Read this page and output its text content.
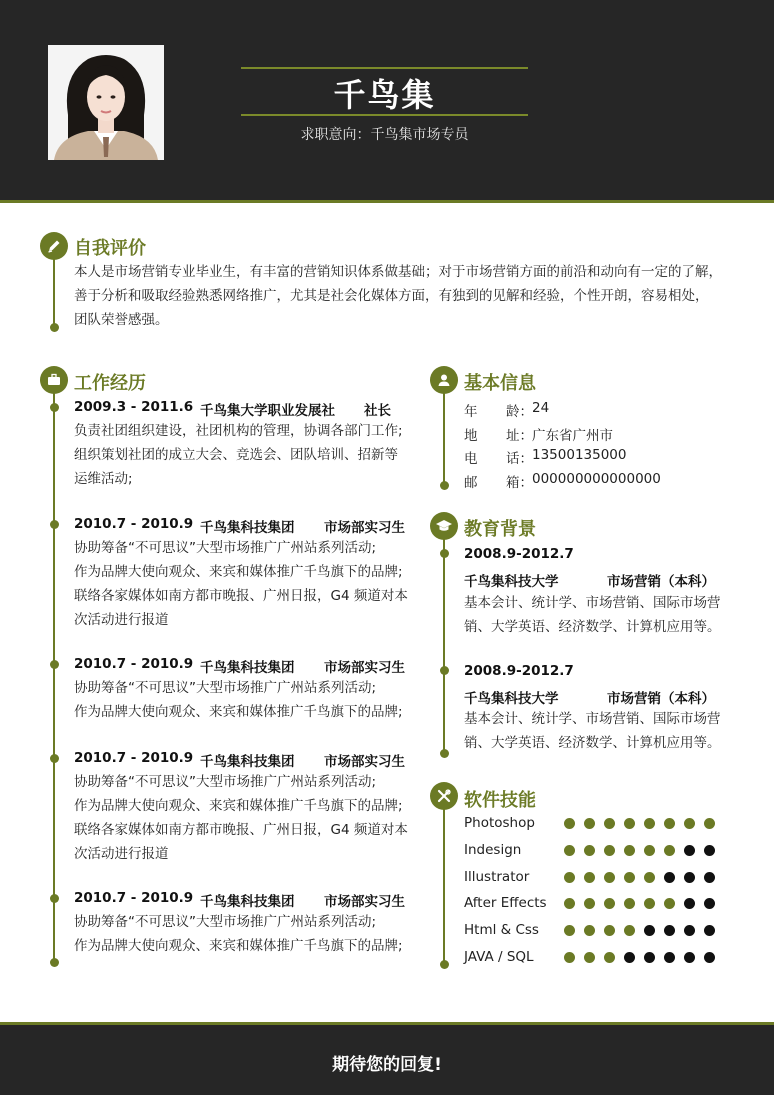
千鸟集
求职意向：千鸟集市场专员
自我评价
本人是市场营销专业毕业生，有丰富的营销知识体系做基础；对于市场营销方面的前沿和动向有一定的了解，
善于分析和吸取经验熟悉网络推广，尤其是社会化媒体方面，有独到的见解和经验，个性开朗，容易相处，
团队荣誉感强。
工作经历
2009.3 - 2011.6 千鸟集大学职业发展社 社长
负责社团组织建设，社团机构的管理，协调各部门工作;
组织策划社团的成立大会、竞选会、团队培训、招新等
运维活动;
2010.7 - 2010.9 千鸟集科技集团 市场部实习生
协助筹备“不可思议”大型市场推广广州站系列活动;
作为品牌大使向观众、来宾和媒体推广千鸟旗下的品牌;
联络各家媒体如南方都市晚报、广州日报，G4 频道对本
次活动进行报道
2010.7 - 2010.9 千鸟集科技集团 市场部实习生
协助筹备“不可思议”大型市场推广广州站系列活动;
作为品牌大使向观众、来宾和媒体推广千鸟旗下的品牌;
2010.7 - 2010.9 千鸟集科技集团 市场部实习生
协助筹备“不可思议”大型市场推广广州站系列活动;
作为品牌大使向观众、来宾和媒体推广千鸟旗下的品牌;
联络各家媒体如南方都市晚报、广州日报，G4 频道对本
次活动进行报道
2010.7 - 2010.9 千鸟集科技集团 市场部实习生
协助筹备“不可思议”大型市场推广广州站系列活动;
作为品牌大使向观众、来宾和媒体推广千鸟旗下的品牌;
基本信息
年 龄： 24
地 址： 广东省广州市
电 话： 13500135000
邮 箱： 000000000000000
教育背景
2008.9-2012.7
千鸟集科技大学	市场营销（本科）
基本会计、统计学、市场营销、国际市场营
销、大学英语、经济数学、计算机应用等。
2008.9-2012.7
千鸟集科技大学	市场营销（本科）
基本会计、统计学、市场营销、国际市场营
销、大学英语、经济数学、计算机应用等。
软件技能
Photoshop
Indesign
Illustrator
After Effects
Html & Css
JAVA / SQL
期待您的回复!
